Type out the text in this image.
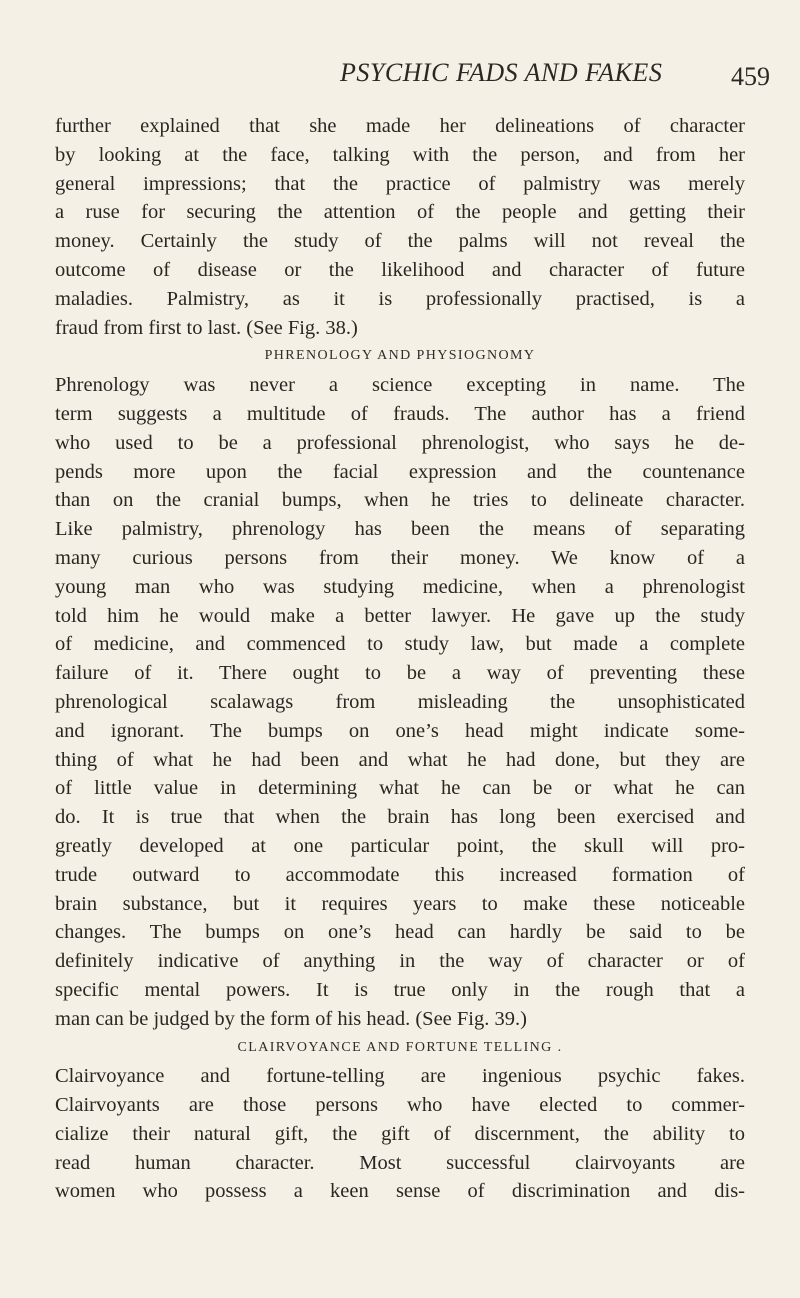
PSYCHIC FADS AND FAKES	459
further explained that she made her delineations of character
by looking at the face, talking with the person, and from her
general impressions; that the practice of palmistry was merely
a ruse for securing the attention of the people and getting their
money. Certainly the study of the palms will not reveal the
outcome of disease or the likelihood and character of future
maladies. Palmistry, as it is professionally practised, is a
fraud from first to last. (See Fig. 38.)
PHRENOLOGY AND PHYSIOGNOMY
Phrenology was never a science excepting in name. The
term suggests a multitude of frauds. The author has a friend
who used to be a professional phrenologist, who says he de-
pends more upon the facial expression and the countenance
than on the cranial bumps, when he tries to delineate character.
Like palmistry, phrenology has been the means of separating
many curious persons from their money. We know of a
young man who was studying medicine, when a phrenologist
told him he would make a better lawyer. He gave up the study
of medicine, and commenced to study law, but made a complete
failure of it. There ought to be a way of preventing these
phrenological scalawags from misleading the unsophisticated
and ignorant. The bumps on one’s head might indicate some-
thing of what he had been and what he had done, but they are
of little value in determining what he can be or what he can
do. It is true that when the brain has long been exercised and
greatly developed at one particular point, the skull will pro-
trude outward to accommodate this increased formation of
brain substance, but it requires years to make these noticeable
changes. The bumps on one’s head can hardly be said to be
definitely indicative of anything in the way of character or of
specific mental powers. It is true only in the rough that a
man can be judged by the form of his head. (See Fig. 39.)
CLAIRVOYANCE AND FORTUNE TELLING .
Clairvoyance and fortune-telling are ingenious psychic fakes.
Clairvoyants are those persons who have elected to commer-
cialize their natural gift, the gift of discernment, the ability to
read human character. Most successful clairvoyants are
women who possess a keen sense of discrimination and dis-
